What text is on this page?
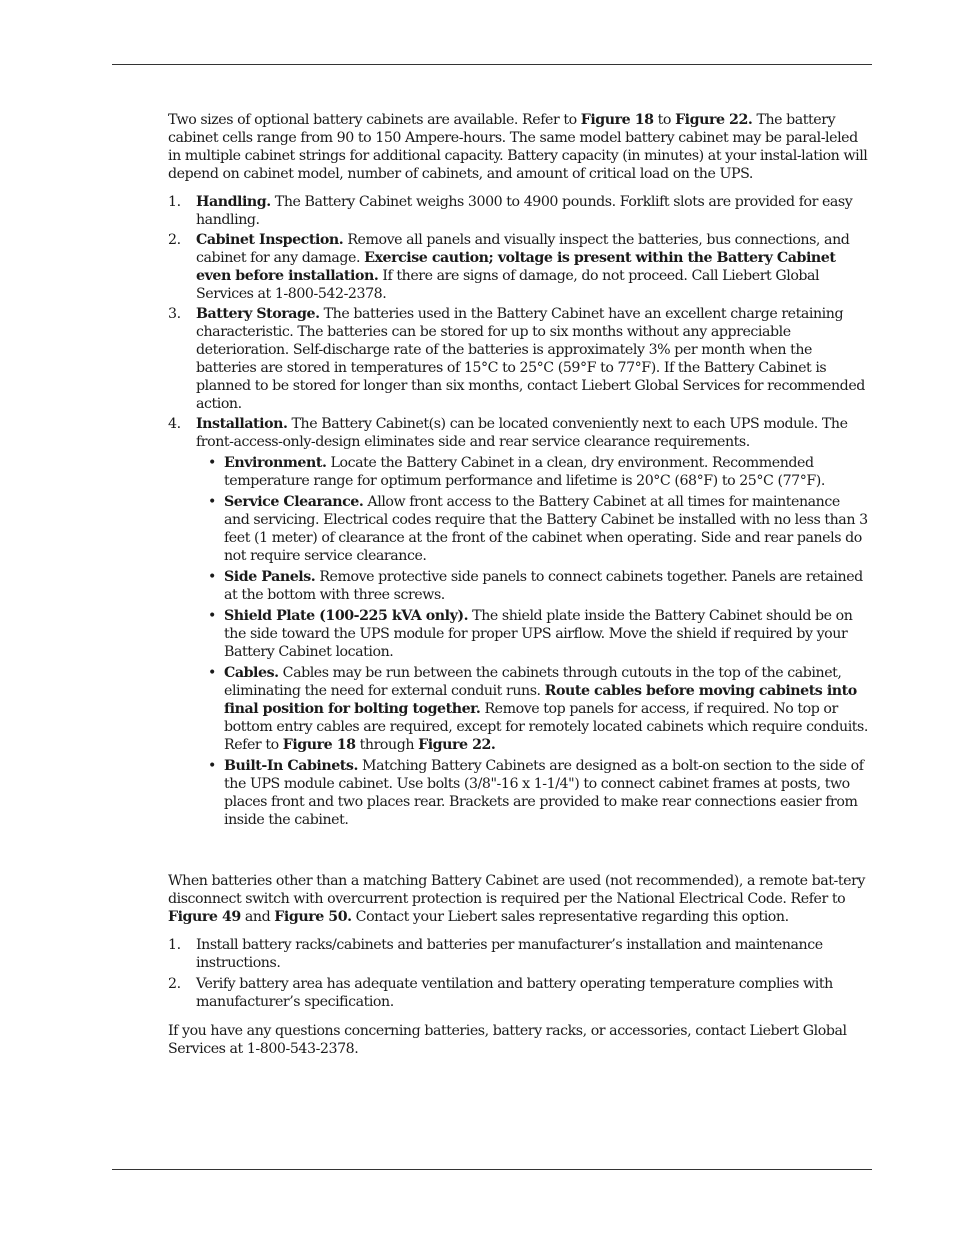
Two sizes of optional battery cabinets are available. Refer to Figure 18 to Figure 22. The battery cabinet cells range from 90 to 150 Ampere-hours. The same model battery cabinet may be paral-leled in multiple cabinet strings for additional capacity. Battery capacity (in minutes) at your instal-lation will depend on cabinet model, number of cabinets, and amount of critical load on the UPS.

1. Handling. The Battery Cabinet weighs 3000 to 4900 pounds. Forklift slots are provided for easy handling.
2. Cabinet Inspection. Remove all panels and visually inspect the batteries, bus connections, and cabinet for any damage. Exercise caution; voltage is present within the Battery Cabinet even before installation. If there are signs of damage, do not proceed. Call Liebert Global Services at 1-800-542-2378.
3. Battery Storage. The batteries used in the Battery Cabinet have an excellent charge retaining characteristic. The batteries can be stored for up to six months without any appreciable deterioration. Self-discharge rate of the batteries is approximately 3% per month when the batteries are stored in temperatures of 15°C to 25°C (59°F to 77°F). If the Battery Cabinet is planned to be stored for longer than six months, contact Liebert Global Services for recommended action.
4. Installation. The Battery Cabinet(s) can be located conveniently next to each UPS module. The front-access-only-design eliminates side and rear service clearance requirements.
• Environment. Locate the Battery Cabinet in a clean, dry environment. Recommended temperature range for optimum performance and lifetime is 20°C (68°F) to 25°C (77°F).
• Service Clearance. Allow front access to the Battery Cabinet at all times for maintenance and servicing. Electrical codes require that the Battery Cabinet be installed with no less than 3 feet (1 meter) of clearance at the front of the cabinet when operating. Side and rear panels do not require service clearance.
• Side Panels. Remove protective side panels to connect cabinets together. Panels are retained at the bottom with three screws.
• Shield Plate (100-225 kVA only). The shield plate inside the Battery Cabinet should be on the side toward the UPS module for proper UPS airflow. Move the shield if required by your Battery Cabinet location.
• Cables. Cables may be run between the cabinets through cutouts in the top of the cabinet, eliminating the need for external conduit runs. Route cables before moving cabinets into final position for bolting together. Remove top panels for access, if required. No top or bottom entry cables are required, except for remotely located cabinets which require conduits. Refer to Figure 18 through Figure 22.
• Built-In Cabinets. Matching Battery Cabinets are designed as a bolt-on section to the side of the UPS module cabinet. Use bolts (3/8"-16 x 1-1/4") to connect cabinet frames at posts, two places front and two places rear. Brackets are provided to make rear connections easier from inside the cabinet.

When batteries other than a matching Battery Cabinet are used (not recommended), a remote bat-tery disconnect switch with overcurrent protection is required per the National Electrical Code. Refer to Figure 49 and Figure 50. Contact your Liebert sales representative regarding this option.

1. Install battery racks/cabinets and batteries per manufacturer’s installation and maintenance instructions.
2. Verify battery area has adequate ventilation and battery operating temperature complies with manufacturer’s specification.

If you have any questions concerning batteries, battery racks, or accessories, contact Liebert Global Services at 1-800-543-2378.
